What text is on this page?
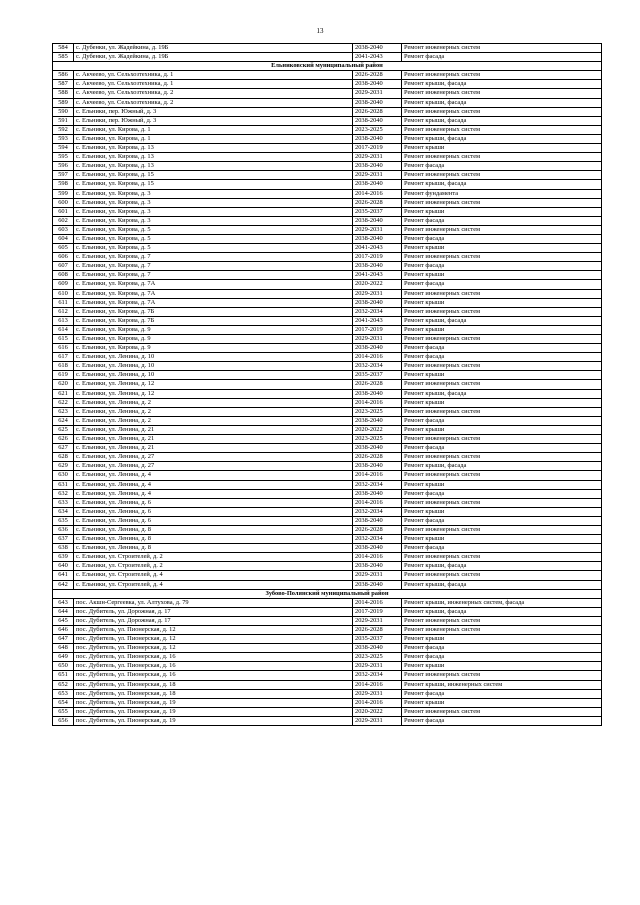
13
584	с. Дубенки, ул. Жадейкина, д. 19Б	2038-2040	Ремонт инженерных систем
585	с. Дубенки, ул. Жадейкина, д. 19Б	2041-2043	Ремонт фасада
Ельниковский муниципальный район			
586	с. Акчеево, ул. Сельхозтехника, д. 1	2026-2028	Ремонт инженерных систем
587	с. Акчеево, ул. Сельхозтехника, д. 1	2038-2040	Ремонт крыши, фасада
588	с. Акчеево, ул. Сельхозтехника, д. 2	2029-2031	Ремонт инженерных систем
589	с. Акчеево, ул. Сельхозтехника, д. 2	2038-2040	Ремонт крыши, фасада
590	с. Ельники, пер. Южный, д. 3	2026-2028	Ремонт инженерных систем
591	с. Ельники, пер. Южный, д. 3	2038-2040	Ремонт крыши, фасада
592	с. Ельники, ул. Кирова, д. 1	2023-2025	Ремонт инженерных систем
593	с. Ельники, ул. Кирова, д. 1	2038-2040	Ремонт крыши, фасада
594	с. Ельники, ул. Кирова, д. 13	2017-2019	Ремонт крыши
595	с. Ельники, ул. Кирова, д. 13	2029-2031	Ремонт инженерных систем
596	с. Ельники, ул. Кирова, д. 13	2038-2040	Ремонт фасада
597	с. Ельники, ул. Кирова, д. 15	2029-2031	Ремонт инженерных систем
598	с. Ельники, ул. Кирова, д. 15	2038-2040	Ремонт крыши, фасада
599	с. Ельники, ул. Кирова, д. 3	2014-2016	Ремонт фундамента
600	с. Ельники, ул. Кирова, д. 3	2026-2028	Ремонт инженерных систем
601	с. Ельники, ул. Кирова, д. 3	2035-2037	Ремонт крыши
602	с. Ельники, ул. Кирова, д. 3	2038-2040	Ремонт фасада
603	с. Ельники, ул. Кирова, д. 5	2029-2031	Ремонт инженерных систем
604	с. Ельники, ул. Кирова, д. 5	2038-2040	Ремонт фасада
605	с. Ельники, ул. Кирова, д. 5	2041-2043	Ремонт крыши
606	с. Ельники, ул. Кирова, д. 7	2017-2019	Ремонт инженерных систем
607	с. Ельники, ул. Кирова, д. 7	2038-2040	Ремонт фасада
608	с. Ельники, ул. Кирова, д. 7	2041-2043	Ремонт крыши
609	с. Ельники, ул. Кирова, д. 7А	2020-2022	Ремонт фасада
610	с. Ельники, ул. Кирова, д. 7А	2029-2031	Ремонт инженерных систем
611	с. Ельники, ул. Кирова, д. 7А	2038-2040	Ремонт крыши
612	с. Ельники, ул. Кирова, д. 7Б	2032-2034	Ремонт инженерных систем
613	с. Ельники, ул. Кирова, д. 7Б	2041-2043	Ремонт крыши, фасада
614	с. Ельники, ул. Кирова, д. 9	2017-2019	Ремонт крыши
615	с. Ельники, ул. Кирова, д. 9	2029-2031	Ремонт инженерных систем
616	с. Ельники, ул. Кирова, д. 9	2038-2040	Ремонт фасада
617	с. Ельники, ул. Ленина, д. 10	2014-2016	Ремонт фасада
618	с. Ельники, ул. Ленина, д. 10	2032-2034	Ремонт инженерных систем
619	с. Ельники, ул. Ленина, д. 10	2035-2037	Ремонт крыши
620	с. Ельники, ул. Ленина, д. 12	2026-2028	Ремонт инженерных систем
621	с. Ельники, ул. Ленина, д. 12	2038-2040	Ремонт крыши, фасада
622	с. Ельники, ул. Ленина, д. 2	2014-2016	Ремонт крыши
623	с. Ельники, ул. Ленина, д. 2	2023-2025	Ремонт инженерных систем
624	с. Ельники, ул. Ленина, д. 2	2038-2040	Ремонт фасада
625	с. Ельники, ул. Ленина, д. 21	2020-2022	Ремонт крыши
626	с. Ельники, ул. Ленина, д. 21	2023-2025	Ремонт инженерных систем
627	с. Ельники, ул. Ленина, д. 21	2038-2040	Ремонт фасада
628	с. Ельники, ул. Ленина, д. 27	2026-2028	Ремонт инженерных систем
629	с. Ельники, ул. Ленина, д. 27	2038-2040	Ремонт крыши, фасада
630	с. Ельники, ул. Ленина, д. 4	2014-2016	Ремонт инженерных систем
631	с. Ельники, ул. Ленина, д. 4	2032-2034	Ремонт крыши
632	с. Ельники, ул. Ленина, д. 4	2038-2040	Ремонт фасада
633	с. Ельники, ул. Ленина, д. 6	2014-2016	Ремонт инженерных систем
634	с. Ельники, ул. Ленина, д. 6	2032-2034	Ремонт крыши
635	с. Ельники, ул. Ленина, д. 6	2038-2040	Ремонт фасада
636	с. Ельники, ул. Ленина, д. 8	2026-2028	Ремонт инженерных систем
637	с. Ельники, ул. Ленина, д. 8	2032-2034	Ремонт крыши
638	с. Ельники, ул. Ленина, д. 8	2038-2040	Ремонт фасада
639	с. Ельники, ул. Строителей, д. 2	2014-2016	Ремонт инженерных систем
640	с. Ельники, ул. Строителей, д. 2	2038-2040	Ремонт крыши, фасада
641	с. Ельники, ул. Строителей, д. 4	2029-2031	Ремонт инженерных систем
642	с. Ельники, ул. Строителей, д. 4	2038-2040	Ремонт крыши, фасада
Зубово-Полянский муниципальный район			
643	пос. Акшн-Сергеевка, ул. Алтухова, д. 79	2014-2016	Ремонт крыши, инженерных систем, фасада
644	пос. Дубитель, ул. Дорожная, д. 17	2017-2019	Ремонт крыши, фасада
645	пос. Дубитель, ул. Дорожная, д. 17	2029-2031	Ремонт инженерных систем
646	пос. Дубитель, ул. Пионерская, д. 12	2026-2028	Ремонт инженерных систем
647	пос. Дубитель, ул. Пионерская, д. 12	2035-2037	Ремонт крыши
648	пос. Дубитель, ул. Пионерская, д. 12	2038-2040	Ремонт фасада
649	пос. Дубитель, ул. Пионерская, д. 16	2023-2025	Ремонт фасада
650	пос. Дубитель, ул. Пионерская, д. 16	2029-2031	Ремонт крыши
651	пос. Дубитель, ул. Пионерская, д. 16	2032-2034	Ремонт инженерных систем
652	пос. Дубитель, ул. Пионерская, д. 18	2014-2016	Ремонт крыши, инженерных систем
653	пос. Дубитель, ул. Пионерская, д. 18	2029-2031	Ремонт фасада
654	пос. Дубитель, ул. Пионерская, д. 19	2014-2016	Ремонт крыши
655	пос. Дубитель, ул. Пионерская, д. 19	2020-2022	Ремонт инженерных систем
656	пос. Дубитель, ул. Пионерская, д. 19	2029-2031	Ремонт фасада
